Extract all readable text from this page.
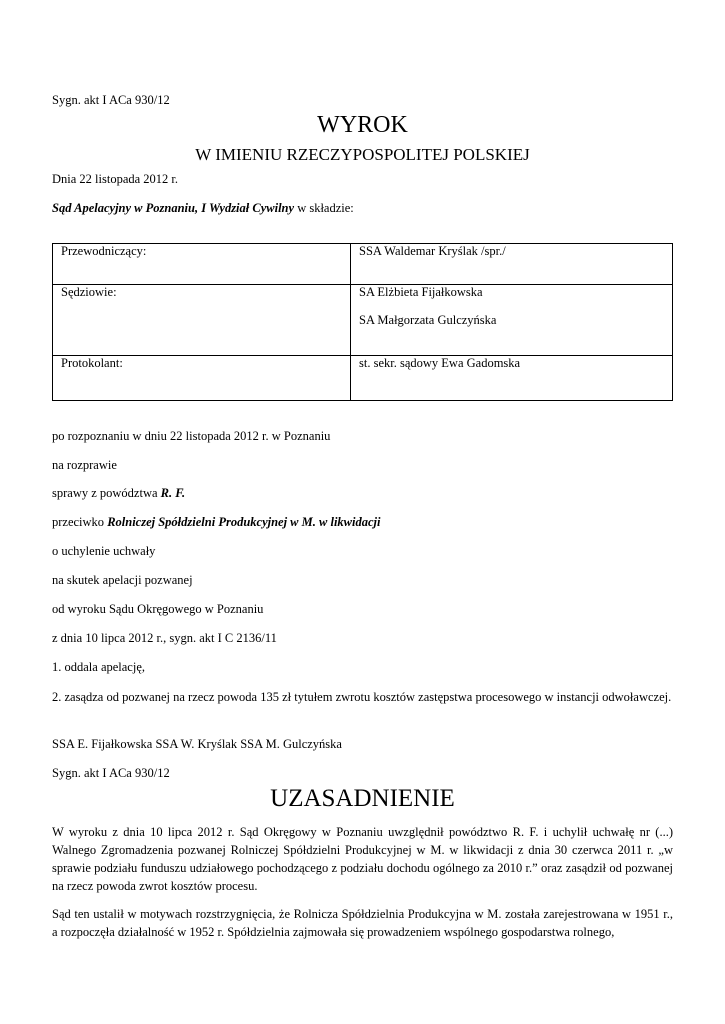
Sygn. akt I ACa 930/12
WYROK
W IMIENIU RZECZYPOSPOLITEJ POLSKIEJ
Dnia 22 listopada 2012 r.
Sąd Apelacyjny w Poznaniu, I Wydział Cywilny w składzie:
Przewodniczący:	SSA Waldemar Kryślak /spr./
Sędziowie:	SA Elżbieta Fijałkowska
SA Małgorzata Gulczyńska

Protokolant:	st. sekr. sądowy Ewa Gadomska
po rozpoznaniu w dniu 22 listopada 2012 r. w Poznaniu
na rozprawie
sprawy z powództwa R. F.
przeciwko Rolniczej Spółdzielni Produkcyjnej w M. w likwidacji
o uchylenie uchwały
na skutek apelacji pozwanej
od wyroku Sądu Okręgowego w Poznaniu
z dnia 10 lipca 2012 r., sygn. akt I C 2136/11
1. oddala apelację,
2. zasądza od pozwanej na rzecz powoda 135 zł tytułem zwrotu kosztów zastępstwa procesowego w instancji odwoławczej.
SSA E. Fijałkowska SSA W. Kryślak SSA M. Gulczyńska
Sygn. akt I ACa 930/12
UZASADNIENIE
W wyroku z dnia 10 lipca 2012 r. Sąd Okręgowy w Poznaniu uwzględnił powództwo R. F. i uchylił uchwałę nr (...) Walnego Zgromadzenia pozwanej Rolniczej Spółdzielni Produkcyjnej w M. w likwidacji z dnia 30 czerwca 2011 r. „w sprawie podziału funduszu udziałowego pochodzącego z podziału dochodu ogólnego za 2010 r.” oraz zasądził od pozwanej na rzecz powoda zwrot kosztów procesu.
Sąd ten ustalił w motywach rozstrzygnięcia, że Rolnicza Spółdzielnia Produkcyjna w M. została zarejestrowana w 1951 r., a rozpoczęła działalność w 1952 r. Spółdzielnia zajmowała się prowadzeniem wspólnego gospodarstwa rolnego,
